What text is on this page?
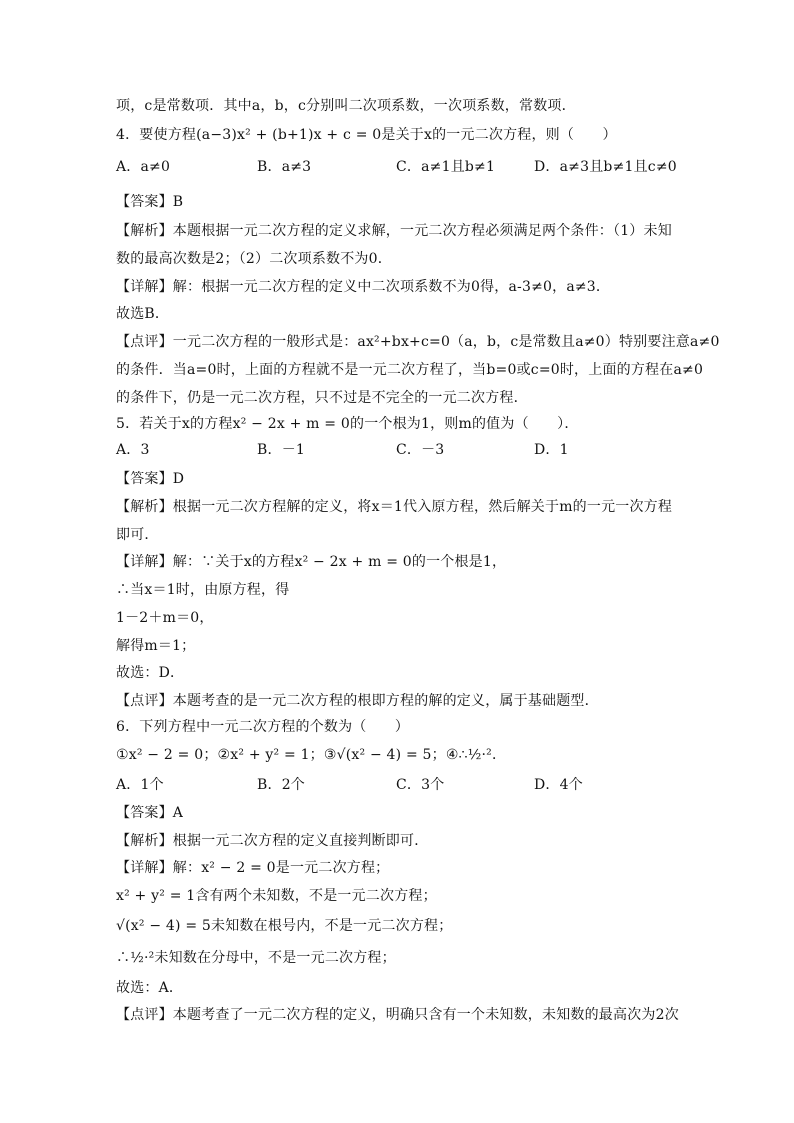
项，c是常数项．其中a，b，c分别叫二次项系数，一次项系数，常数项．
4．要使方程(a−3)x² + (b+1)x + c = 0是关于x的一元二次方程，则（　　）
A．a≠0	B．a≠3	C．a≠1且b≠1	D．a≠3且b≠1且c≠0
【答案】B
【解析】本题根据一元二次方程的定义求解，一元二次方程必须满足两个条件：（1）未知
数的最高次数是2；（2）二次项系数不为0．
【详解】解：根据一元二次方程的定义中二次项系数不为0得，a-3≠0，a≠3．
故选B．
【点评】一元二次方程的一般形式是：ax²+bx+c=0（a，b，c是常数且a≠0）特别要注意a≠0
的条件．当a=0时，上面的方程就不是一元二次方程了，当b=0或c=0时，上面的方程在a≠0
的条件下，仍是一元二次方程，只不过是不完全的一元二次方程．
5．若关于x的方程x² − 2x + m = 0的一个根为1，则m的值为（　　）．
A．3	B．－1	C．－3	D．1
【答案】D
【解析】根据一元二次方程解的定义，将x＝1代入原方程，然后解关于m的一元一次方程
即可．
【详解】解：∵关于x的方程x² − 2x + m = 0的一个根是1，
∴当x＝1时，由原方程，得
1－2＋m＝0，
解得m＝1；
故选：D．
【点评】本题考查的是一元二次方程的根即方程的解的定义，属于基础题型．
6．下列方程中一元二次方程的个数为（　　）
①x² − 2 = 0；②x² + y² = 1；③√(x² − 4) = 5；④∴½·²．
A．1个	B．2个	C．3个	D．4个
【答案】A
【解析】根据一元二次方程的定义直接判断即可．
【详解】解：x² − 2 = 0是一元二次方程；
x² + y² = 1含有两个未知数，不是一元二次方程；
√(x² − 4) = 5未知数在根号内，不是一元二次方程；
∴½·²未知数在分母中，不是一元二次方程；
故选：A．
【点评】本题考查了一元二次方程的定义，明确只含有一个未知数，未知数的最高次为2次
